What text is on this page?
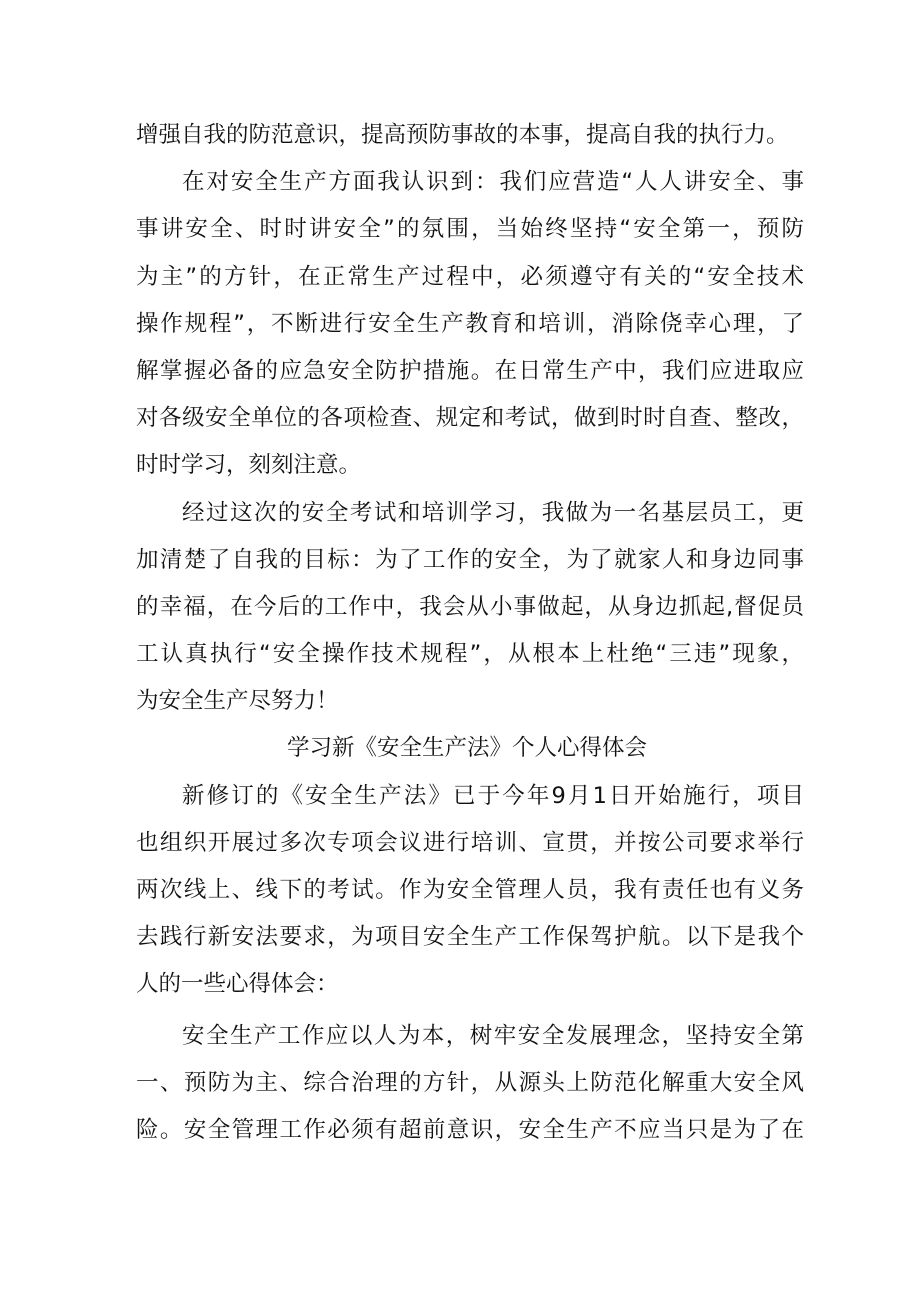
增强自我的防范意识，提高预防事故的本事，提高自我的执行力。
在对安全生产方面我认识到：我们应营造“人人讲安全、事
事讲安全、时时讲安全”的氛围，当始终坚持“安全第一，预防
为主”的方针，在正常生产过程中，必须遵守有关的“安全技术
操作规程”，不断进行安全生产教育和培训，消除侥幸心理，了
解掌握必备的应急安全防护措施。在日常生产中，我们应进取应
对各级安全单位的各项检查、规定和考试，做到时时自查、整改，
时时学习，刻刻注意。
经过这次的安全考试和培训学习，我做为一名基层员工，更
加清楚了自我的目标：为了工作的安全，为了就家人和身边同事
的幸福，在今后的工作中，我会从小事做起，从身边抓起,督促员
工认真执行“安全操作技术规程”，从根本上杜绝“三违”现象，
为安全生产尽努力！
学习新《安全生产法》个人心得体会
新修订的《安全生产法》已于今年9月1日开始施行，项目
也组织开展过多次专项会议进行培训、宣贯，并按公司要求举行
两次线上、线下的考试。作为安全管理人员，我有责任也有义务
去践行新安法要求，为项目安全生产工作保驾护航。以下是我个
人的一些心得体会：
安全生产工作应以人为本，树牢安全发展理念，坚持安全第
一、预防为主、综合治理的方针，从源头上防范化解重大安全风
险。安全管理工作必须有超前意识，安全生产不应当只是为了在
